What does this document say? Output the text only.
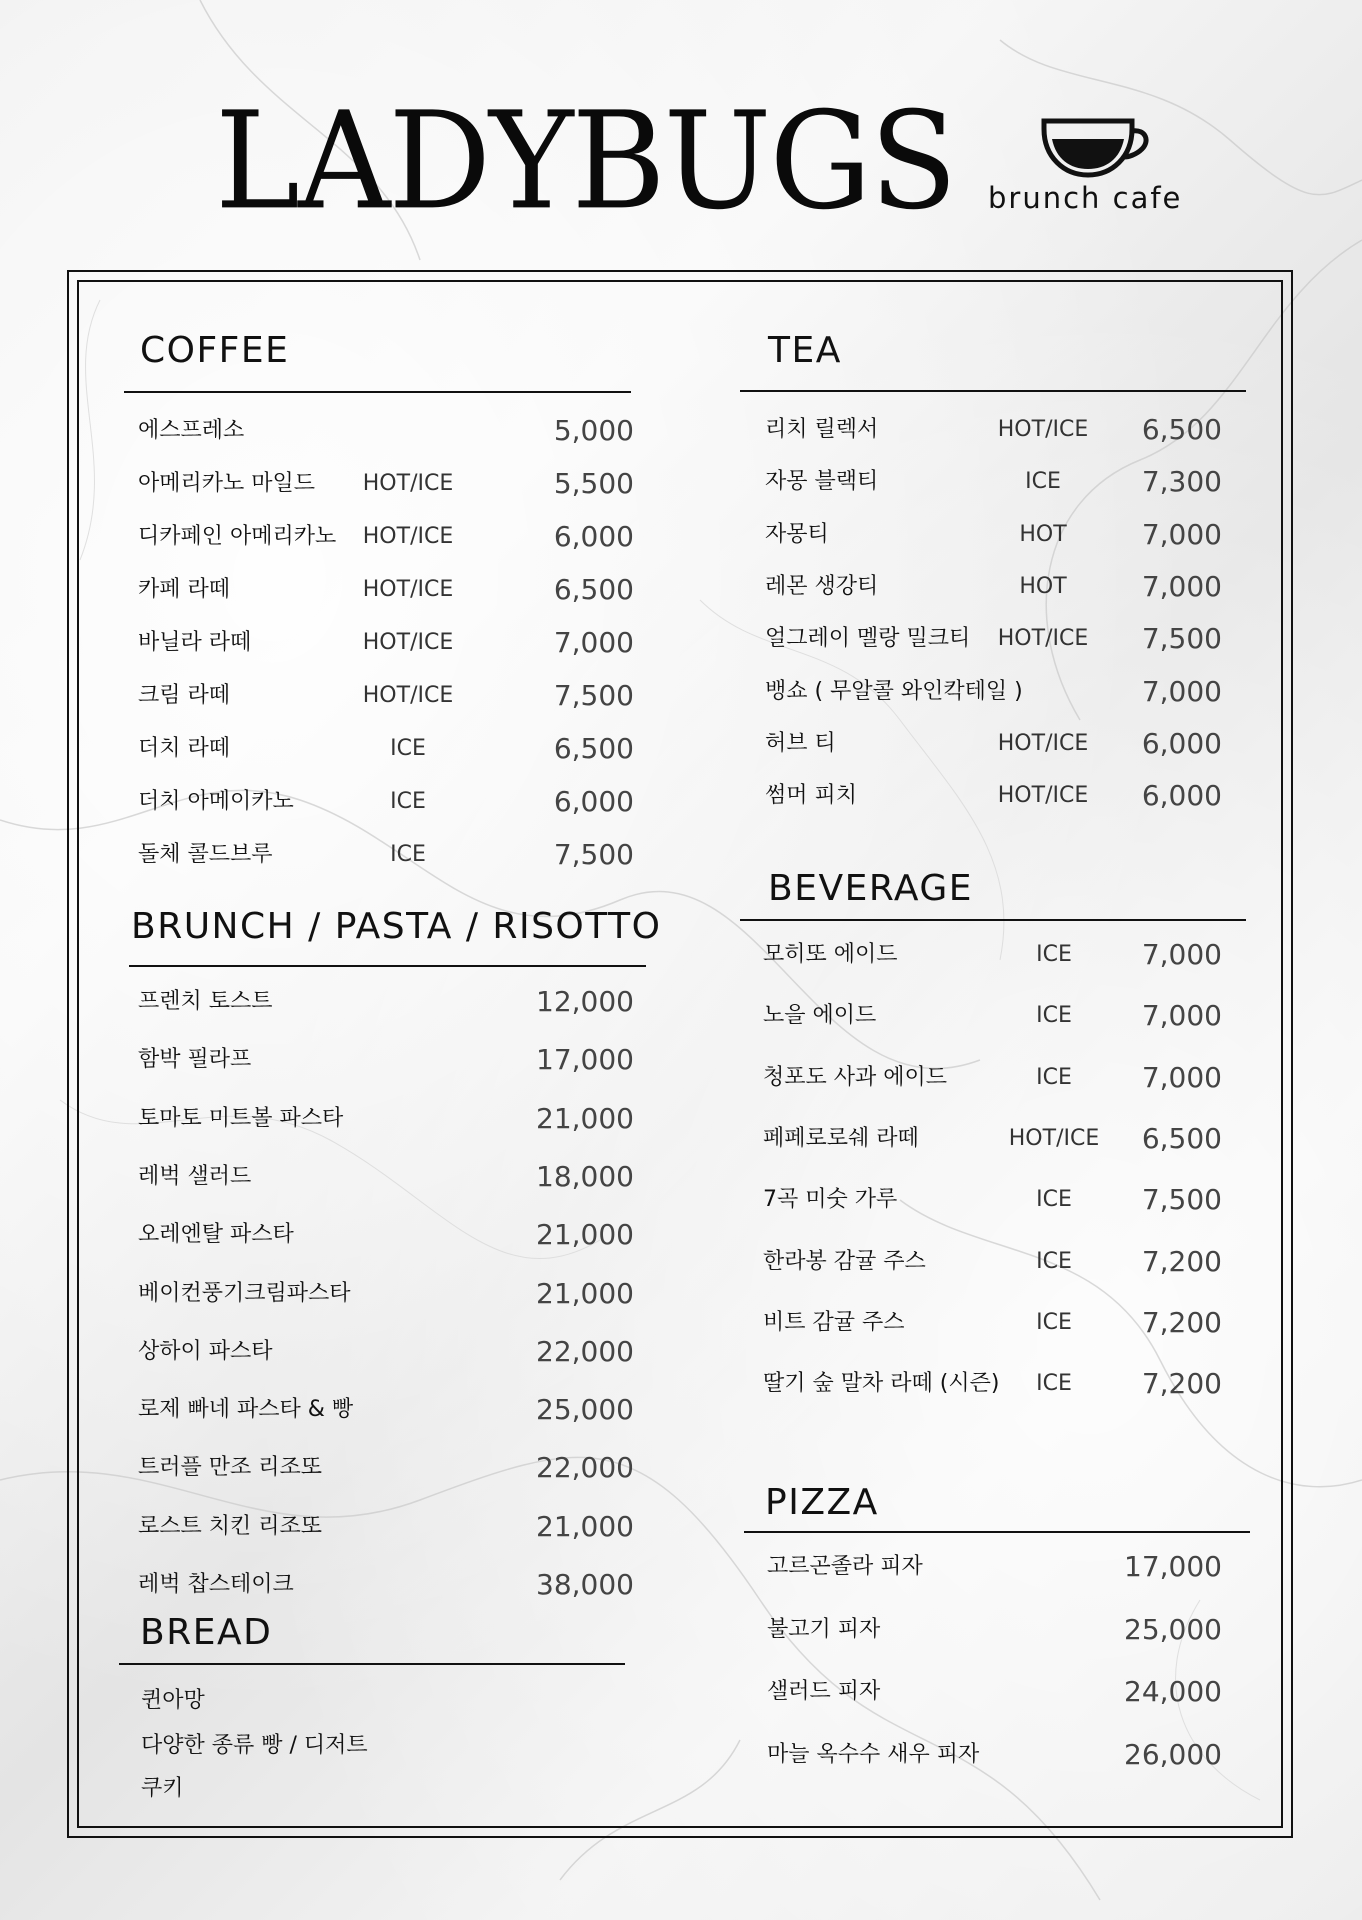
LADYBUGS brunch cafe
COFFEE
에스프레소	5,000
아메리카노 마일드	HOT/ICE	5,500
디카페인 아메리카노	HOT/ICE	6,000
카페 라떼	HOT/ICE	6,500
바닐라 라떼	HOT/ICE	7,000
크림 라떼	HOT/ICE	7,500
더치 라떼	ICE	6,500
더치 아메이카노	ICE	6,000
돌체 콜드브루	ICE	7,500
BRUNCH / PASTA / RISOTTO
프렌치 토스트	12,000
함박 필라프	17,000
토마토 미트볼 파스타	21,000
레벅 샐러드	18,000
오레엔탈 파스타	21,000
베이컨풍기크림파스타	21,000
상하이 파스타	22,000
로제 빠네 파스타 & 빵	25,000
트러플 만조 리조또	22,000
로스트 치킨 리조또	21,000
레벅 찹스테이크	38,000
BREAD
퀸아망
다양한 종류 빵 / 디저트
쿠키
TEA
리치 릴렉서	HOT/ICE	6,500
자몽 블랙티	ICE	7,300
자몽티	HOT	7,000
레몬 생강티	HOT	7,000
얼그레이 멜랑 밀크티	HOT/ICE	7,500
뱅쇼 ( 무알콜 와인칵테일 )	7,000
허브 티	HOT/ICE	6,000
썸머 피치	HOT/ICE	6,000
BEVERAGE
모히또 에이드	ICE	7,000
노을 에이드	ICE	7,000
청포도 사과 에이드	ICE	7,000
페페로로쉐 라떼	HOT/ICE	6,500
7곡 미숫 가루	ICE	7,500
한라봉 감귤 주스	ICE	7,200
비트 감귤 주스	ICE	7,200
딸기 숲 말차 라떼 (시즌)	ICE	7,200
PIZZA
고르곤졸라 피자	17,000
불고기 피자	25,000
샐러드 피자	24,000
마늘 옥수수 새우 피자	26,000
